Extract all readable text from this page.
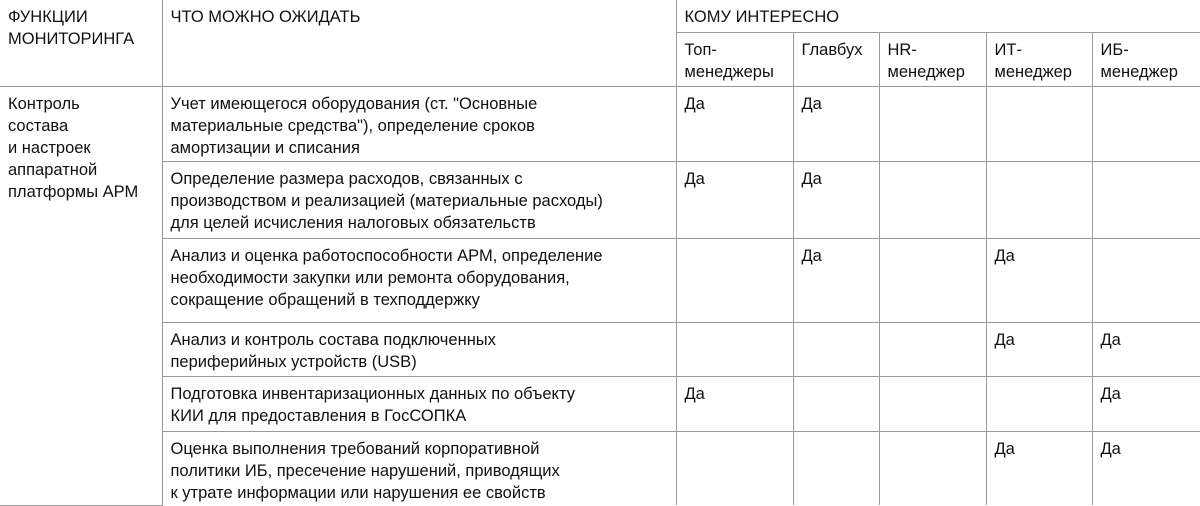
ФУНКЦИИ
МОНИТОРИНГА	ЧТО МОЖНО ОЖИДАТЬ	КОМУ ИНТЕРЕСНО				
		Топ-
менеджеры	Главбух	HR-
менеджер	ИТ-
менеджер	ИБ-
менеджер
Контроль
состава
и настроек
аппаратной
платформы АРМ	Учет имеющегося оборудования (ст. "Основные
материальные средства"), определение сроков
амортизации и списания	Да	Да			
	Определение размера расходов, связанных с
производством и реализацией (материальные расходы)
для целей исчисления налоговых обязательств	Да	Да			
	Анализ и оценка работоспособности АРМ, определение
необходимости закупки или ремонта оборудования,
сокращение обращений в техподдержку		Да		Да	
	Анализ и контроль состава подключенных
периферийных устройств (USB)				Да	Да
	Подготовка инвентаризационных данных по объекту
КИИ для предоставления в ГосСОПКА	Да				Да
	Оценка выполнения требований корпоративной
политики ИБ, пресечение нарушений, приводящих
к утрате информации или нарушения ее свойств				Да	Да
